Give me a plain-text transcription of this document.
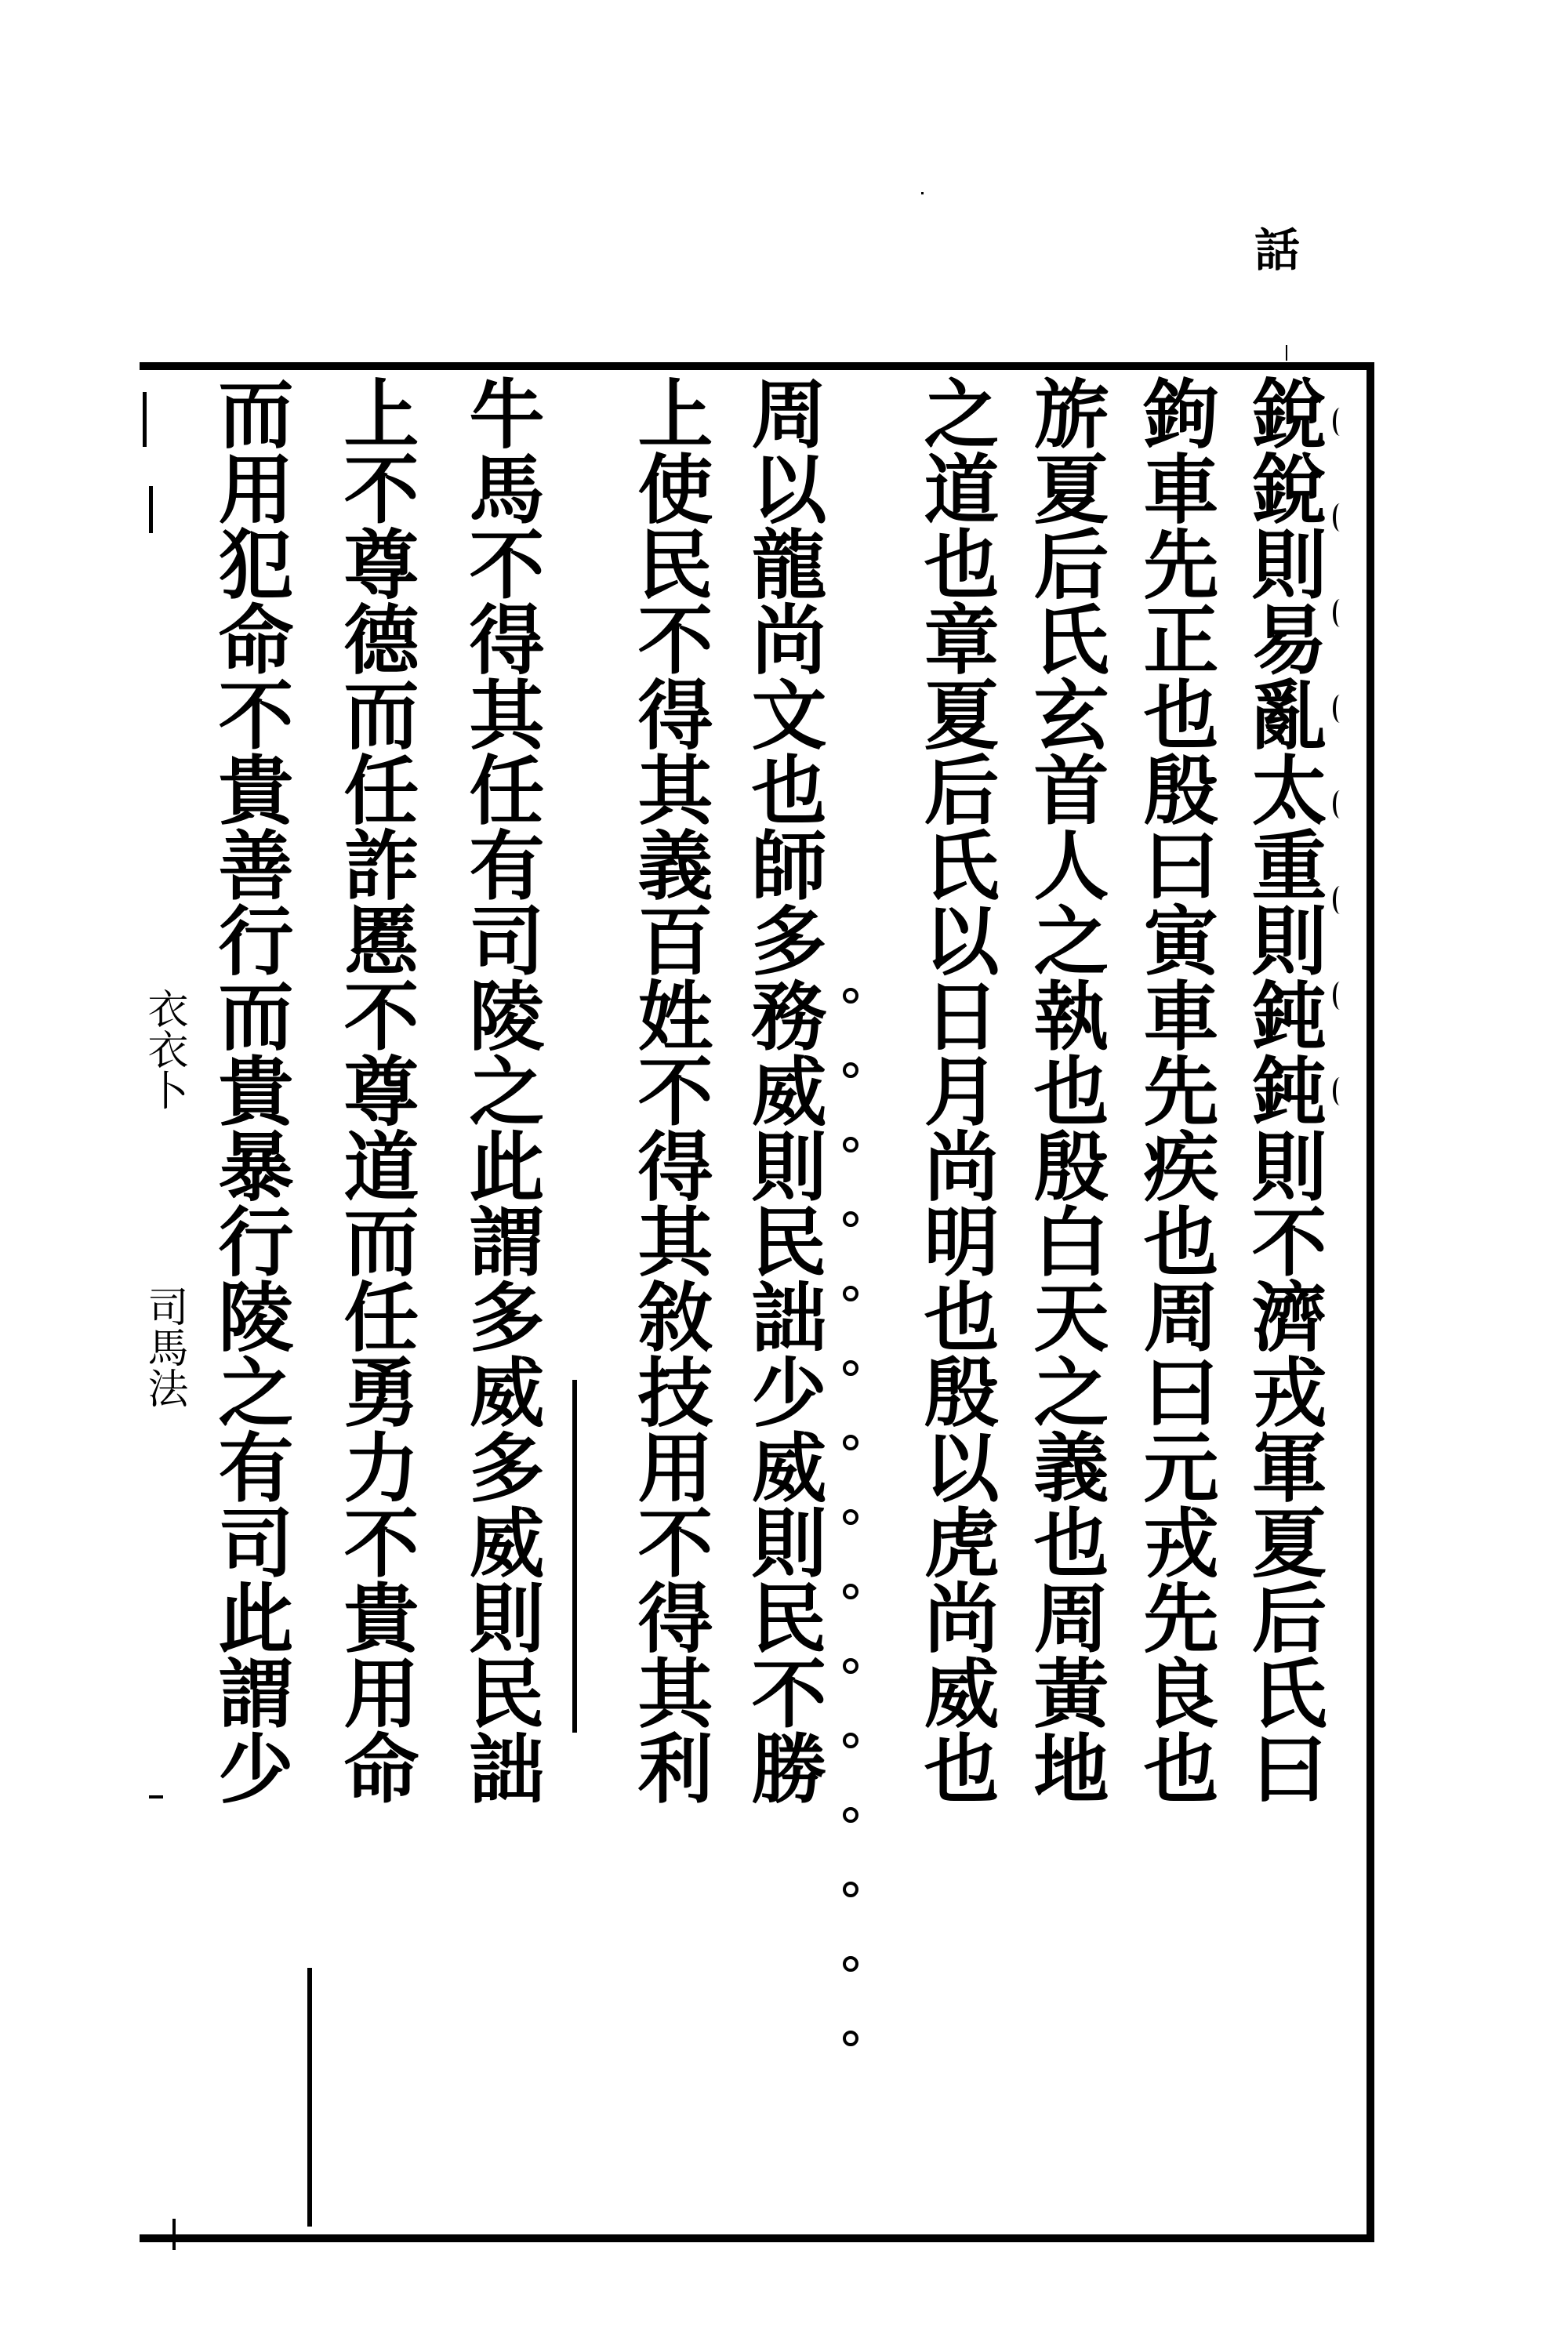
話
衣衣卜
司馬法	銳銳則易亂太重則鈍鈍則不濟戎軍夏后氏曰
鉤車先正也殷曰寅車先疾也周曰元戎先良也
旂夏后氏玄首人之執也殷白天之義也周黃地
之道也章夏后氏以日月尚明也殷以虎尚威也
周以龍尚文也師多務威則民詘少威則民不勝
上使民不得其義百姓不得其敘技用不得其利
牛馬不得其任有司陵之此謂多威多威則民詘
上不尊德而任詐慝不尊道而任勇力不貴用命
而用犯命不貴善行而貴暴行陵之有司此謂少
